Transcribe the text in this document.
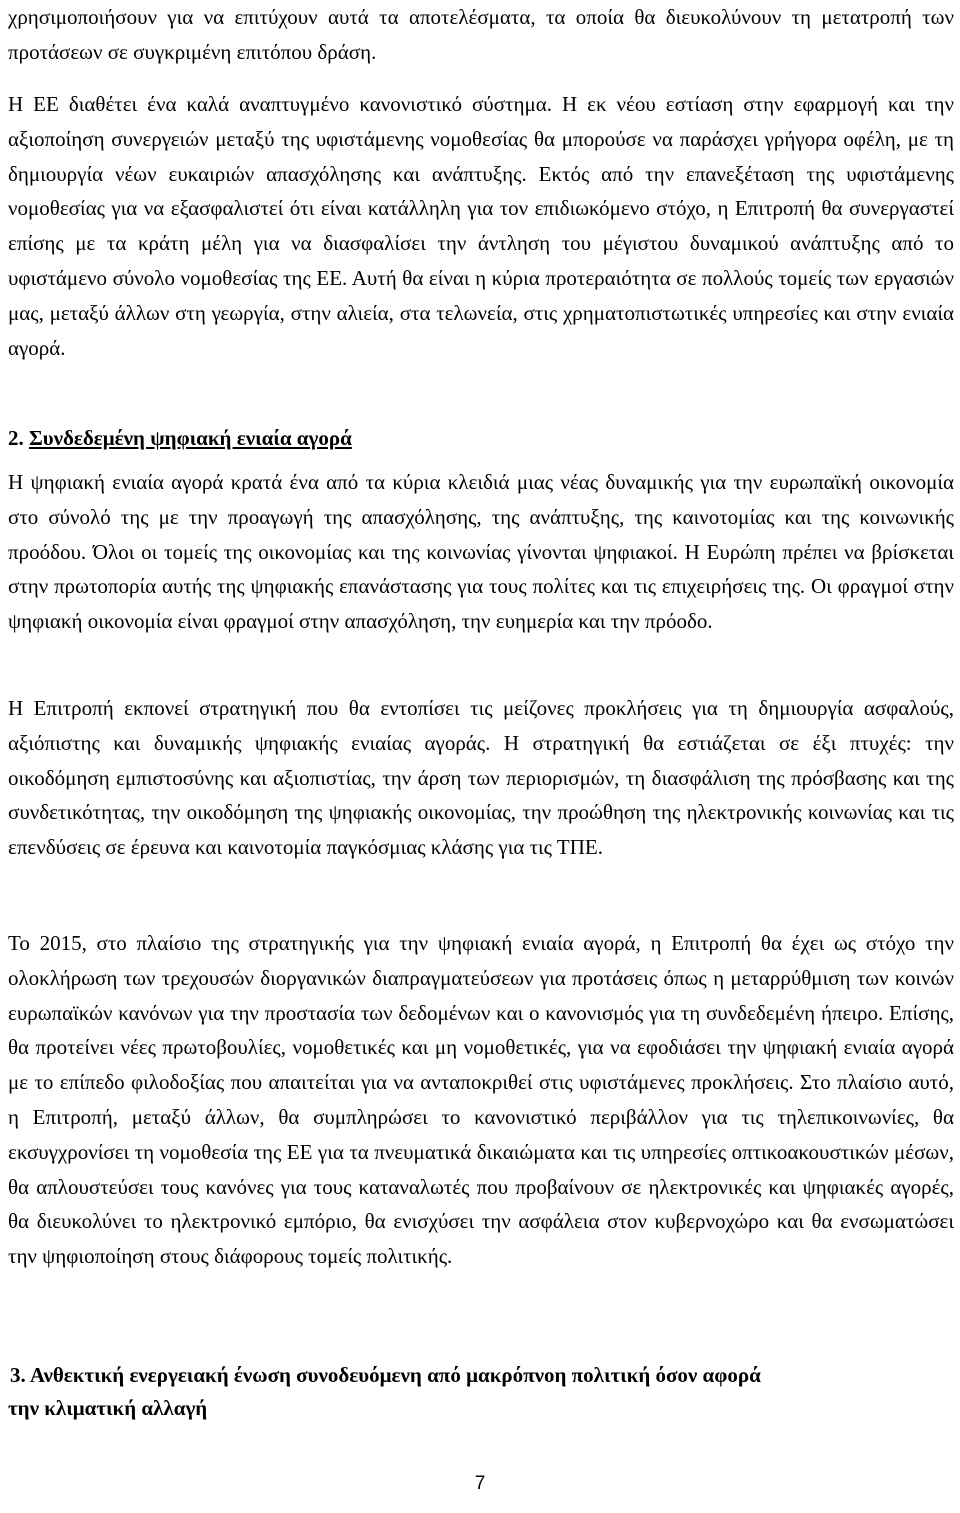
χρησιμοποιήσουν για να επιτύχουν αυτά τα αποτελέσματα, τα οποία θα διευκολύνουν τη μετατροπή των προτάσεων σε συγκριμένη επιτόπου δράση.

Η ΕΕ διαθέτει ένα καλά αναπτυγμένο κανονιστικό σύστημα. Η εκ νέου εστίαση στην εφαρμογή και την αξιοποίηση συνεργειών μεταξύ της υφιστάμενης νομοθεσίας θα μπορούσε να παράσχει γρήγορα οφέλη, με τη δημιουργία νέων ευκαιριών απασχόλησης και ανάπτυξης. Εκτός από την επανεξέταση της υφιστάμενης νομοθεσίας για να εξασφαλιστεί ότι είναι κατάλληλη για τον επιδιωκόμενο στόχο, η Επιτροπή θα συνεργαστεί επίσης με τα κράτη μέλη για να διασφαλίσει την άντληση του μέγιστου δυναμικού ανάπτυξης από το υφιστάμενο σύνολο νομοθεσίας της ΕΕ. Αυτή θα είναι η κύρια προτεραιότητα σε πολλούς τομείς των εργασιών μας, μεταξύ άλλων στη γεωργία, στην αλιεία, στα τελωνεία, στις χρηματοπιστωτικές υπηρεσίες και στην ενιαία αγορά.

2. Συνδεδεμένη ψηφιακή ενιαία αγορά

Η ψηφιακή ενιαία αγορά κρατά ένα από τα κύρια κλειδιά μιας νέας δυναμικής για την ευρωπαϊκή οικονομία στο σύνολό της με την προαγωγή της απασχόλησης, της ανάπτυξης, της καινοτομίας και της κοινωνικής προόδου. Όλοι οι τομείς της οικονομίας και της κοινωνίας γίνονται ψηφιακοί. Η Ευρώπη πρέπει να βρίσκεται στην πρωτοπορία αυτής της ψηφιακής επανάστασης για τους πολίτες και τις επιχειρήσεις της. Οι φραγμοί στην ψηφιακή οικονομία είναι φραγμοί στην απασχόληση, την ευημερία και την πρόοδο.

Η Επιτροπή εκπονεί στρατηγική που θα εντοπίσει τις μείζονες προκλήσεις για τη δημιουργία ασφαλούς, αξιόπιστης και δυναμικής ψηφιακής ενιαίας αγοράς. Η στρατηγική θα εστιάζεται σε έξι πτυχές: την οικοδόμηση εμπιστοσύνης και αξιοπιστίας, την άρση των περιορισμών, τη διασφάλιση της πρόσβασης και της συνδετικότητας, την οικοδόμηση της ψηφιακής οικονομίας, την προώθηση της ηλεκτρονικής κοινωνίας και τις επενδύσεις σε έρευνα και καινοτομία παγκόσμιας κλάσης για τις ΤΠΕ.

Το 2015, στο πλαίσιο της στρατηγικής για την ψηφιακή ενιαία αγορά, η Επιτροπή θα έχει ως στόχο την ολοκλήρωση των τρεχουσών διοργανικών διαπραγματεύσεων για προτάσεις όπως η μεταρρύθμιση των κοινών ευρωπαϊκών κανόνων για την προστασία των δεδομένων και ο κανονισμός για τη συνδεδεμένη ήπειρο. Επίσης, θα προτείνει νέες πρωτοβουλίες, νομοθετικές και μη νομοθετικές, για να εφοδιάσει την ψηφιακή ενιαία αγορά με το επίπεδο φιλοδοξίας που απαιτείται για να ανταποκριθεί στις υφιστάμενες προκλήσεις. Στο πλαίσιο αυτό, η Επιτροπή, μεταξύ άλλων, θα συμπληρώσει το κανονιστικό περιβάλλον για τις τηλεπικοινωνίες, θα εκσυγχρονίσει τη νομοθεσία της ΕΕ για τα πνευματικά δικαιώματα και τις υπηρεσίες οπτικοακουστικών μέσων, θα απλουστεύσει τους κανόνες για τους καταναλωτές που προβαίνουν σε ηλεκτρονικές και ψηφιακές αγορές, θα διευκολύνει το ηλεκτρονικό εμπόριο, θα ενισχύσει την ασφάλεια στον κυβερνοχώρο και θα ενσωματώσει την ψηφιοποίηση στους διάφορους τομείς πολιτικής.

3. Ανθεκτική ενεργειακή ένωση συνοδευόμενη από μακρόπνοη πολιτική όσον αφορά
την κλιματική αλλαγή
7
